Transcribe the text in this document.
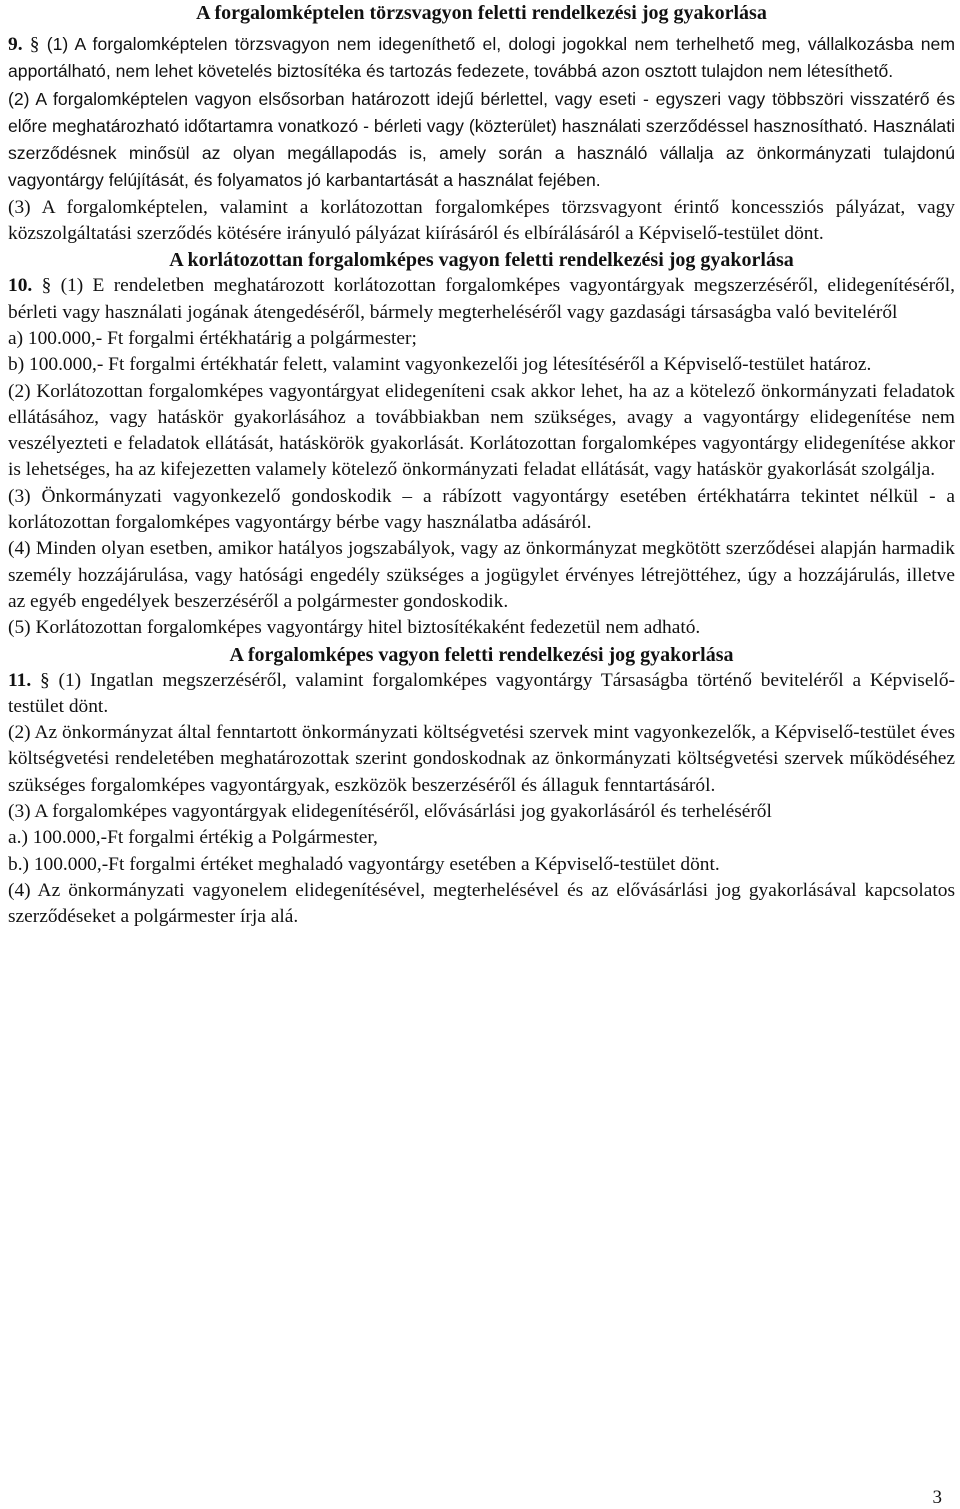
A forgalomképtelen törzsvagyon feletti rendelkezési jog gyakorlása

9. § (1) A forgalomképtelen törzsvagyon nem idegeníthető el, dologi jogokkal nem terhelhető meg, vállalkozásba nem apportálható, nem lehet követelés biztosítéka és tartozás fedezete, továbbá azon osztott tulajdon nem létesíthető.

(2) A forgalomképtelen vagyon elsősorban határozott idejű bérlettel, vagy eseti - egyszeri vagy többszöri visszatérő és előre meghatározható időtartamra vonatkozó - bérleti vagy (közterület) használati szerződéssel hasznosítható. Használati szerződésnek minősül az olyan megállapodás is, amely során a használó vállalja az önkormányzati tulajdonú vagyontárgy felújítását, és folyamatos jó karbantartását a használat fejében.

(3) A forgalomképtelen, valamint a korlátozottan forgalomképes törzsvagyont érintő koncessziós pályázat, vagy közszolgáltatási szerződés kötésére irányuló pályázat kiírásáról és elbírálásáról a Képviselő-testület dönt.

A korlátozottan forgalomképes vagyon feletti rendelkezési jog gyakorlása

10. § (1) E rendeletben meghatározott korlátozottan forgalomképes vagyontárgyak megszerzéséről, elidegenítéséről, bérleti vagy használati jogának átengedéséről, bármely megterheléséről vagy gazdasági társaságba való beviteléről

a) 100.000,- Ft forgalmi értékhatárig a polgármester;

b) 100.000,- Ft forgalmi értékhatár felett, valamint vagyonkezelői jog létesítéséről a Képviselő-testület határoz.

(2) Korlátozottan forgalomképes vagyontárgyat elidegeníteni csak akkor lehet, ha az a kötelező önkormányzati feladatok ellátásához, vagy hatáskör gyakorlásához a továbbiakban nem szükséges, avagy a vagyontárgy elidegenítése nem veszélyezteti e feladatok ellátását, hatáskörök gyakorlását. Korlátozottan forgalomképes vagyontárgy elidegenítése akkor is lehetséges, ha az kifejezetten valamely kötelező önkormányzati feladat ellátását, vagy hatáskör gyakorlását szolgálja.

(3) Önkormányzati vagyonkezelő gondoskodik – a rábízott vagyontárgy esetében értékhatárra tekintet nélkül - a korlátozottan forgalomképes vagyontárgy bérbe vagy használatba adásáról.

(4) Minden olyan esetben, amikor hatályos jogszabályok, vagy az önkormányzat megkötött szerződései alapján harmadik személy hozzájárulása, vagy hatósági engedély szükséges a jogügylet érvényes létrejöttéhez, úgy a hozzájárulás, illetve az egyéb engedélyek beszerzéséről a polgármester gondoskodik.

(5) Korlátozottan forgalomképes vagyontárgy hitel biztosítékaként fedezetül nem adható.

A forgalomképes vagyon feletti rendelkezési jog gyakorlása

11. § (1) Ingatlan megszerzéséről, valamint forgalomképes vagyontárgy Társaságba történő beviteléről a Képviselő-testület dönt.

(2) Az önkormányzat által fenntartott önkormányzati költségvetési szervek mint vagyonkezelők, a Képviselő-testület éves költségvetési rendeletében meghatározottak szerint gondoskodnak az önkormányzati költségvetési szervek működéséhez szükséges forgalomképes vagyontárgyak, eszközök beszerzéséről és állaguk fenntartásáról.

(3) A forgalomképes vagyontárgyak elidegenítéséről, elővásárlási jog gyakorlásáról és terheléséről

a.) 100.000,-Ft forgalmi értékig a Polgármester,

b.) 100.000,-Ft forgalmi értéket meghaladó vagyontárgy esetében a Képviselő-testület dönt.

(4) Az önkormányzati vagyonelem elidegenítésével, megterhelésével és az elővásárlási jog gyakorlásával kapcsolatos szerződéseket a polgármester írja alá.

3
